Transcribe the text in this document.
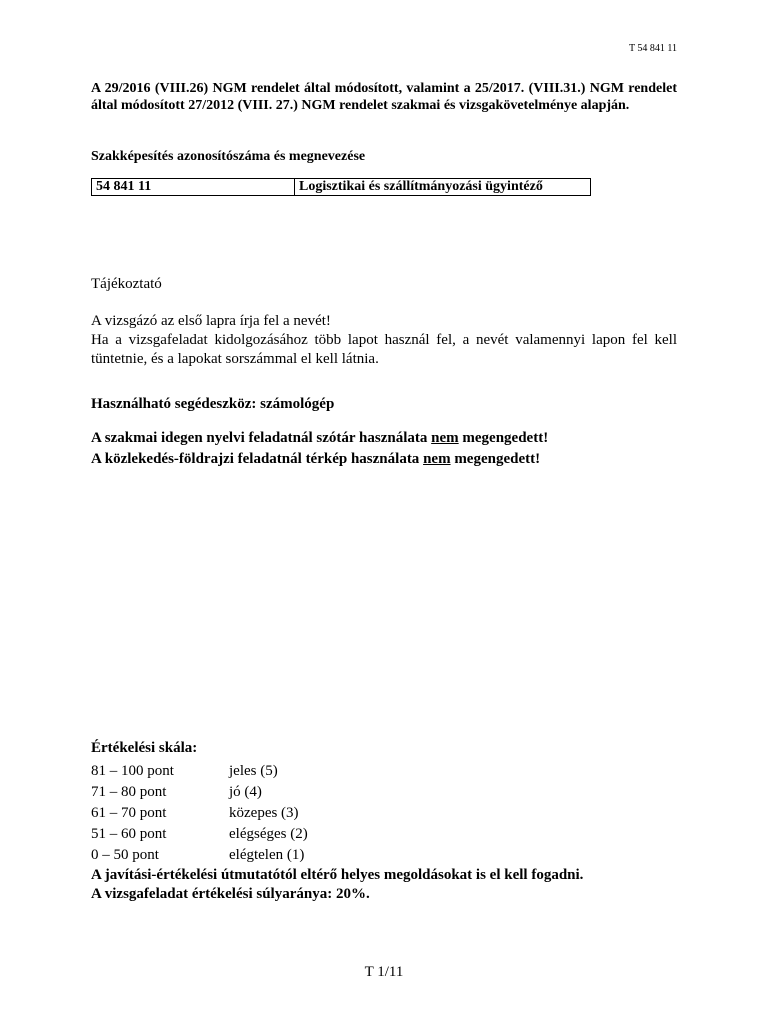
T 54 841 11
A 29/2016 (VIII.26) NGM rendelet által módosított, valamint a 25/2017. (VIII.31.) NGM rendelet által módosított 27/2012 (VIII. 27.) NGM rendelet szakmai és vizsgakövetelménye alapján.
Szakképesítés azonosítószáma és megnevezése
54 841 11	Logisztikai és szállítmányozási ügyintéző
Tájékoztató
A vizsgázó az első lapra írja fel a nevét!
Ha a vizsgafeladat kidolgozásához több lapot használ fel, a nevét valamennyi lapon fel kell tüntetnie, és a lapokat sorszámmal el kell látnia.
Használható segédeszköz: számológép
A szakmai idegen nyelvi feladatnál szótár használata nem megengedett!
A közlekedés-földrajzi feladatnál térkép használata nem megengedett!
Értékelési skála:
81 – 100 pont	jeles (5)
71 – 80 pont	jó (4)
61 – 70 pont	közepes (3)
51 – 60 pont	elégséges (2)
0 – 50 pont	elégtelen (1)
A javítási-értékelési útmutatótól eltérő helyes megoldásokat is el kell fogadni.
A vizsgafeladat értékelési súlyaránya: 20%.
T 1/11
